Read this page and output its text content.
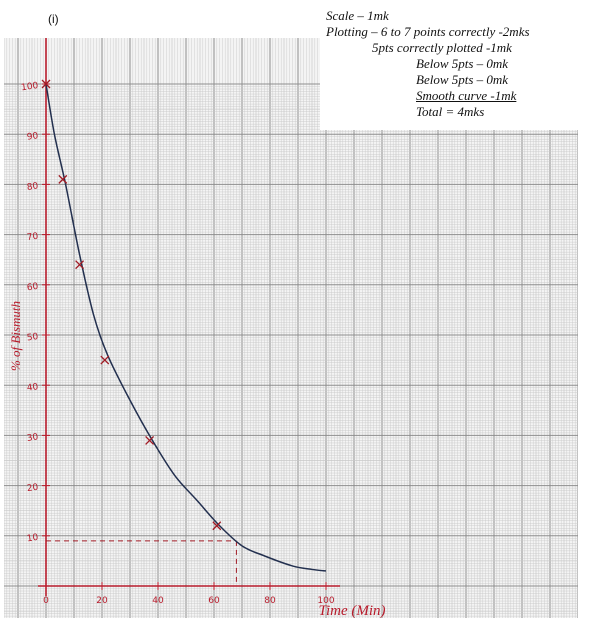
(i)	Scale – 1mk
Plotting – 6 to 7 points correctly -2mks
5pts correctly plotted -1mk
Below 5pts – 0mk
Below 5pts – 0mk
Smooth curve -1mk
Total = 4mks
10
20
30
40
50
60
70
80
90
100
0	20	40	60	80	100
Time (Min)
% of Bismuth
